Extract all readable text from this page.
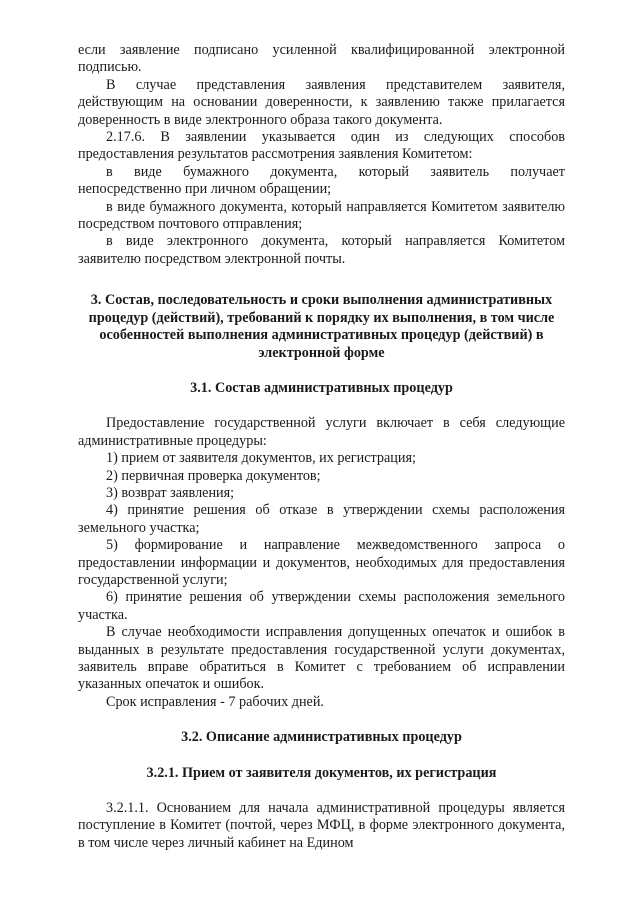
если заявление подписано усиленной квалифицированной электронной подписью.

В случае представления заявления представителем заявителя, действующим на основании доверенности, к заявлению также прилагается доверенность в виде электронного образа такого документа.

2.17.6. В заявлении указывается один из следующих способов предоставления результатов рассмотрения заявления Комитетом:

в виде бумажного документа, который заявитель получает непосредственно при личном обращении;

в виде бумажного документа, который направляется Комитетом заявителю посредством почтового отправления;

в виде электронного документа, который направляется Комитетом заявителю посредством электронной почты.

3. Состав, последовательность и сроки выполнения административных процедур (действий), требований к порядку их выполнения, в том числе особенностей выполнения административных процедур (действий) в электронной форме

3.1. Состав административных процедур

Предоставление государственной услуги включает в себя следующие административные процедуры:

1) прием от заявителя документов, их регистрация;

2) первичная проверка документов;

3) возврат заявления;

4) принятие решения об отказе в утверждении схемы расположения земельного участка;

5) формирование и направление межведомственного запроса о предоставлении информации и документов, необходимых для предоставления государственной услуги;

6) принятие решения об утверждении схемы расположения земельного участка.

В случае необходимости исправления допущенных опечаток и ошибок в выданных в результате предоставления государственной услуги документах, заявитель вправе обратиться в Комитет с требованием об исправлении указанных опечаток и ошибок.

Срок исправления - 7 рабочих дней.

3.2. Описание административных процедур

3.2.1. Прием от заявителя документов, их регистрация

3.2.1.1. Основанием для начала административной процедуры является поступление в Комитет (почтой, через МФЦ, в форме электронного документа, в том числе через личный кабинет на Едином
